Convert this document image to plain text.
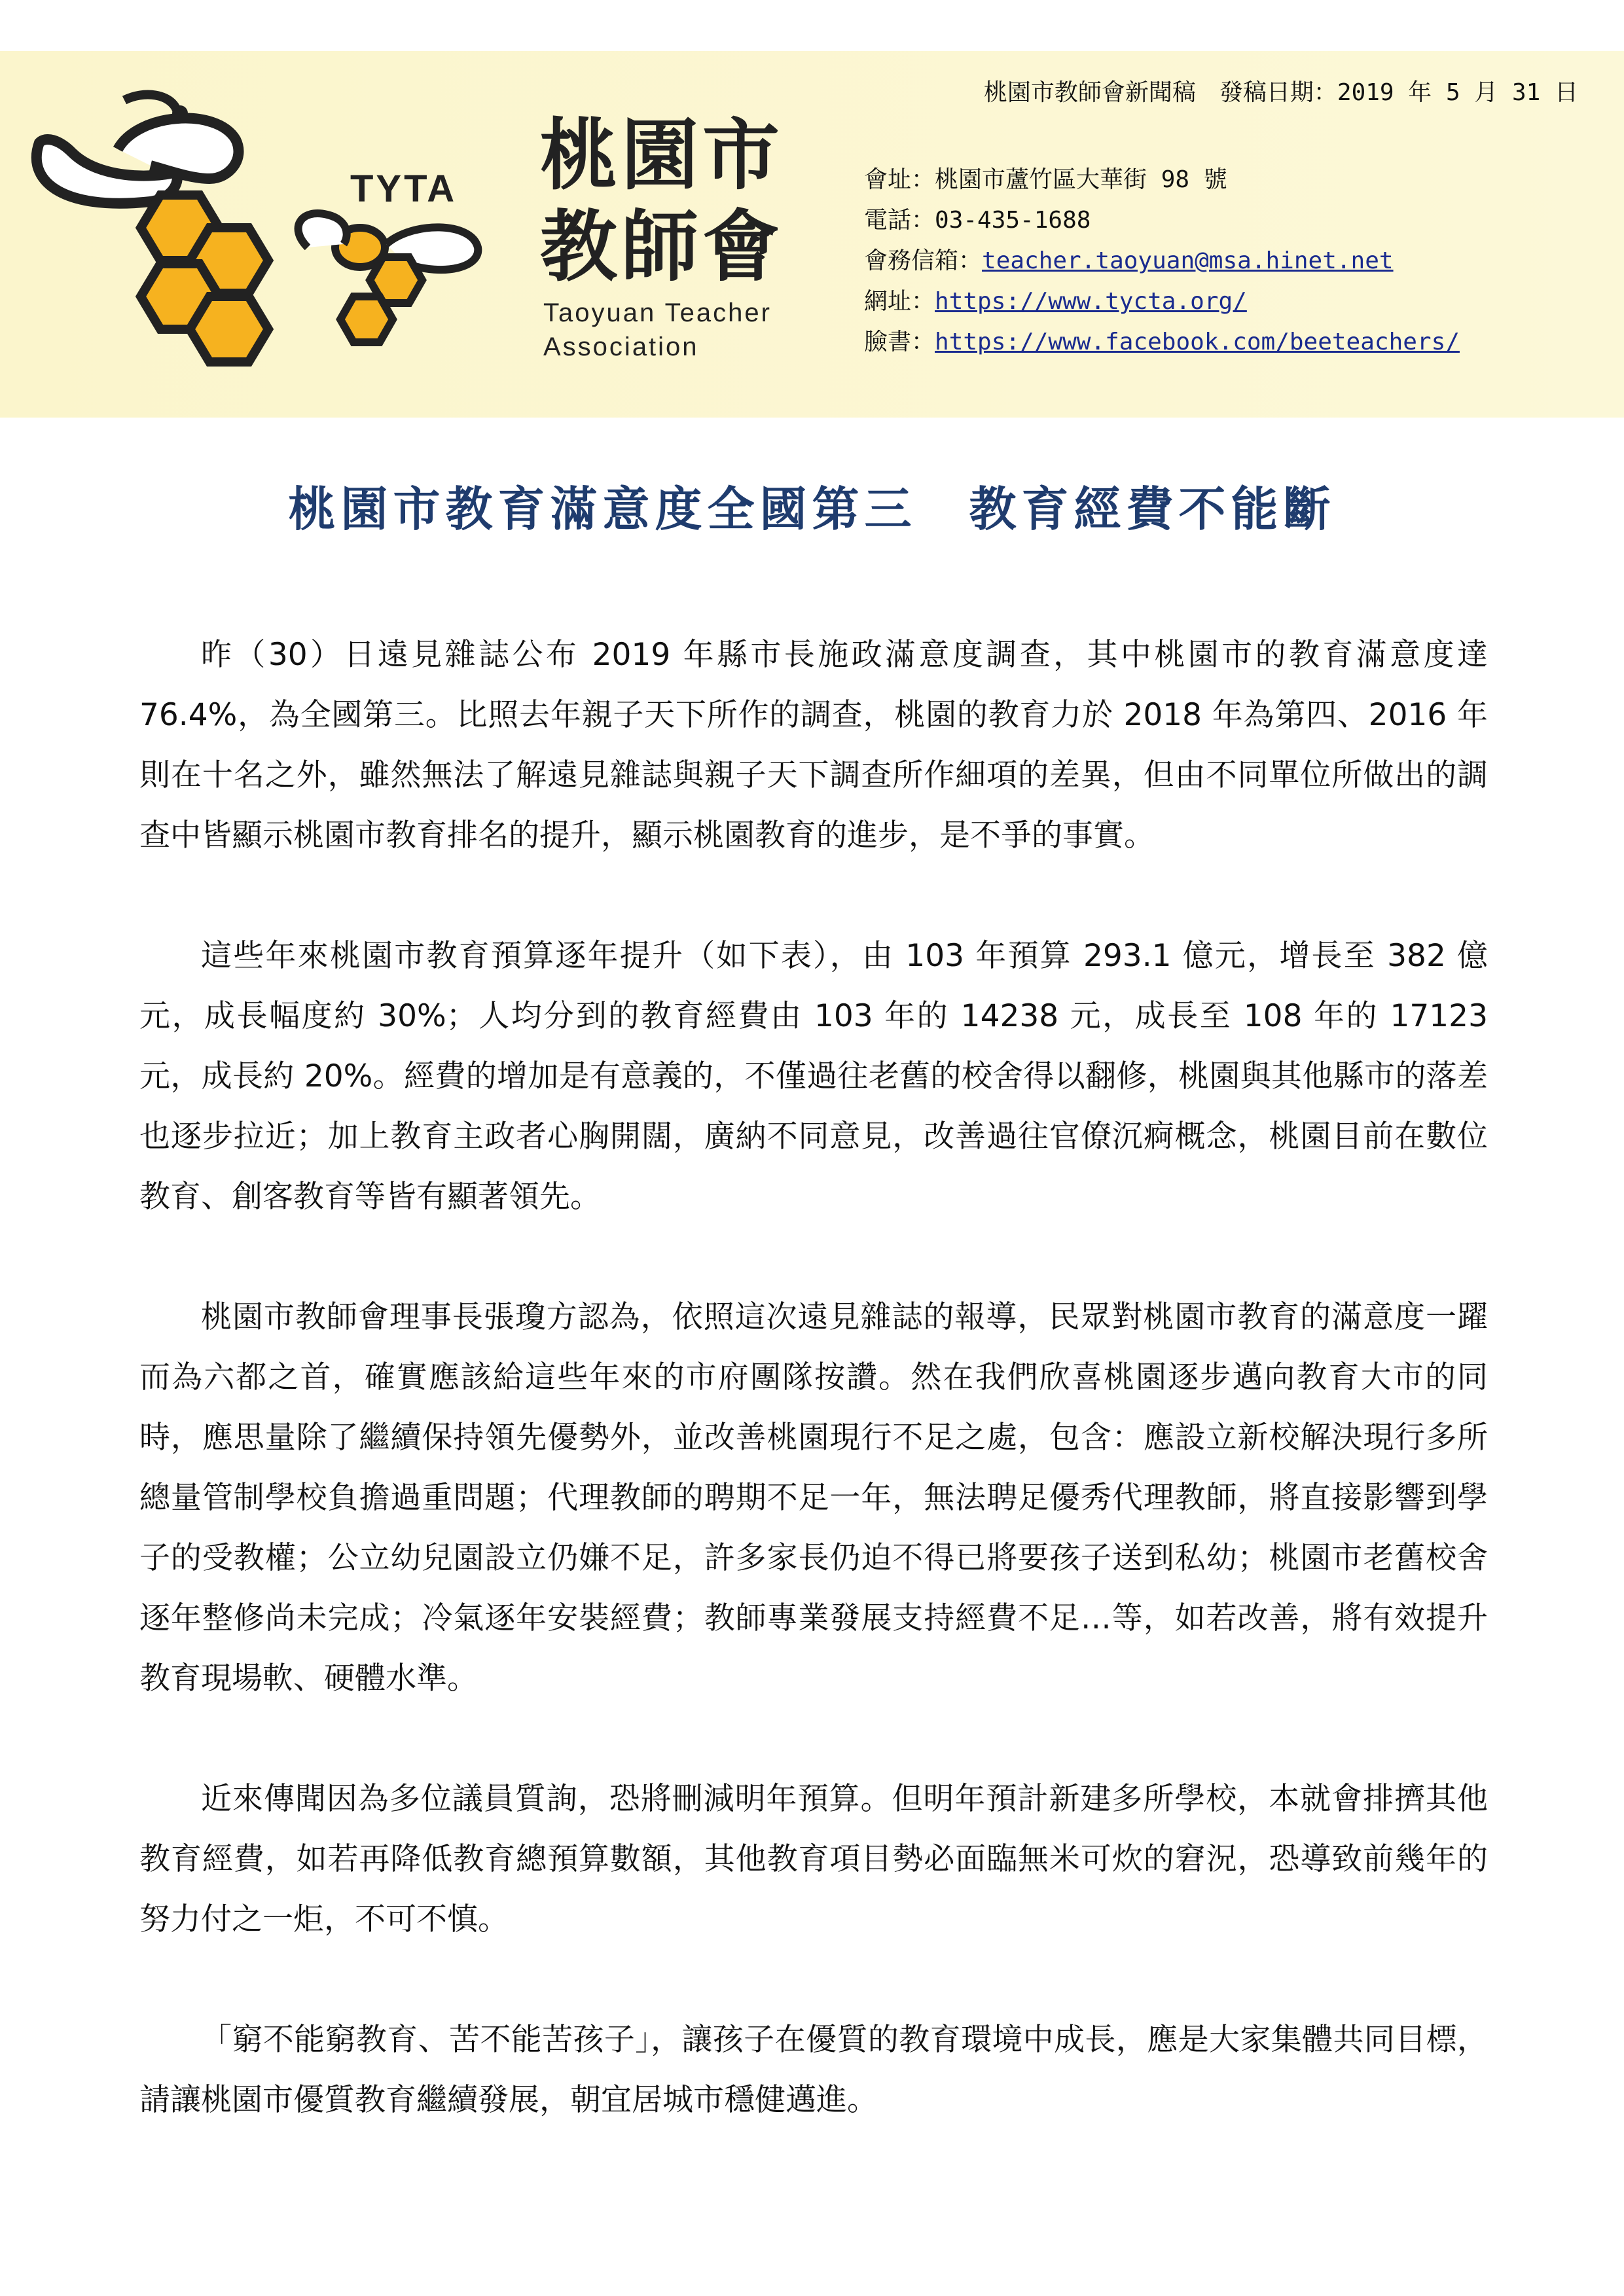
TYTA 桃園市
教師會
Taoyuan Teacher
Association
桃園市教師會新聞稿　發稿日期：2019 年 5 月 31 日
會址：桃園市蘆竹區大華街 98 號
電話：03-435-1688
會務信箱：teacher.taoyuan@msa.hinet.net
網址：https://www.tycta.org/
臉書：https://www.facebook.com/beeteachers/
桃園市教育滿意度全國第三　教育經費不能斷

昨（30）日遠見雜誌公布 2019 年縣市長施政滿意度調查，其中桃園市的教育滿意度達 76.4%，為全國第三。比照去年親子天下所作的調查，桃園的教育力於 2018 年為第四、2016 年則在十名之外，雖然無法了解遠見雜誌與親子天下調查所作細項的差異，但由不同單位所做出的調查中皆顯示桃園市教育排名的提升，顯示桃園教育的進步，是不爭的事實。

這些年來桃園市教育預算逐年提升（如下表），由 103 年預算 293.1 億元，增長至 382 億元，成長幅度約 30%；人均分到的教育經費由 103 年的 14238 元，成長至 108 年的 17123 元，成長約 20%。經費的增加是有意義的，不僅過往老舊的校舍得以翻修，桃園與其他縣市的落差也逐步拉近；加上教育主政者心胸開闊，廣納不同意見，改善過往官僚沉痾概念，桃園目前在數位教育、創客教育等皆有顯著領先。

桃園市教師會理事長張瓊方認為，依照這次遠見雜誌的報導，民眾對桃園市教育的滿意度一躍而為六都之首，確實應該給這些年來的市府團隊按讚。然在我們欣喜桃園逐步邁向教育大市的同時，應思量除了繼續保持領先優勢外，並改善桃園現行不足之處，包含：應設立新校解決現行多所總量管制學校負擔過重問題；代理教師的聘期不足一年，無法聘足優秀代理教師，將直接影響到學子的受教權；公立幼兒園設立仍嫌不足，許多家長仍迫不得已將要孩子送到私幼；桃園市老舊校舍逐年整修尚未完成；冷氣逐年安裝經費；教師專業發展支持經費不足…等，如若改善，將有效提升教育現場軟、硬體水準。

近來傳聞因為多位議員質詢，恐將刪減明年預算。但明年預計新建多所學校，本就會排擠其他教育經費，如若再降低教育總預算數額，其他教育項目勢必面臨無米可炊的窘況，恐導致前幾年的努力付之一炬，不可不慎。

「窮不能窮教育、苦不能苦孩子」，讓孩子在優質的教育環境中成長，應是大家集體共同目標，請讓桃園市優質教育繼續發展，朝宜居城市穩健邁進。
